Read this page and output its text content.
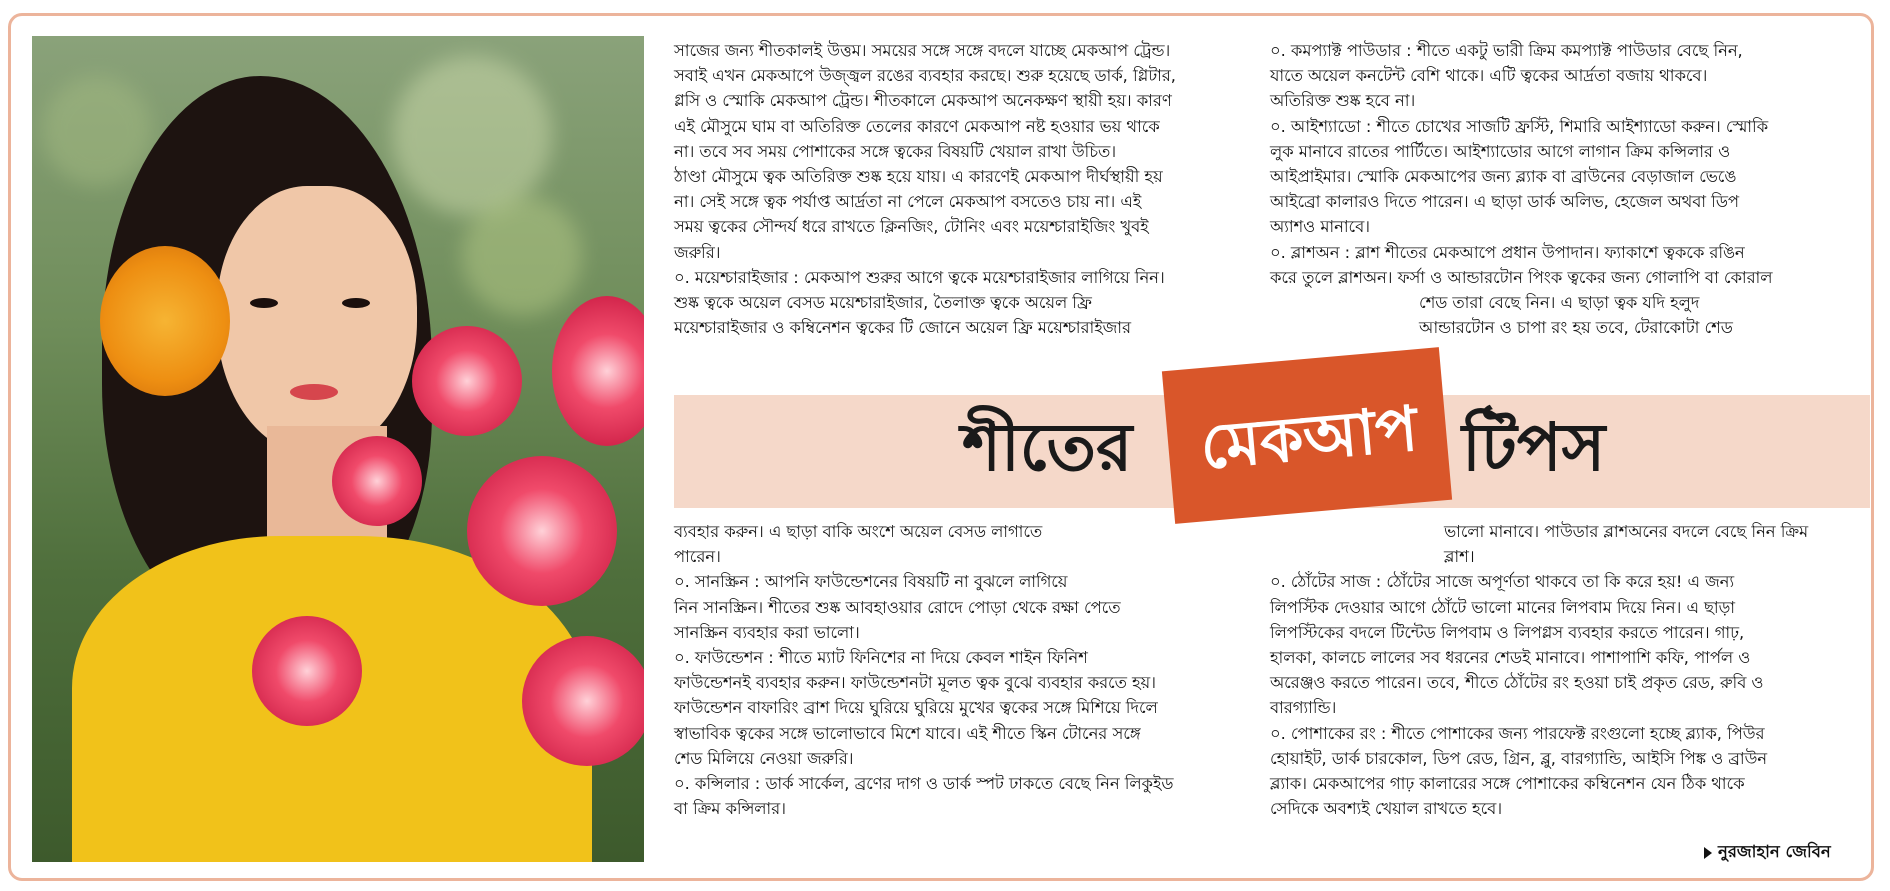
সাজের জন্য শীতকালই উত্তম। সময়ের সঙ্গে সঙ্গে বদলে যাচ্ছে মেকআপ ট্রেন্ড।

সবাই এখন মেকআপে উজ্জ্বল রঙের ব্যবহার করছে। শুরু হয়েছে ডার্ক, গ্লিটার,

গ্লসি ও স্মোকি মেকআপ ট্রেন্ড। শীতকালে মেকআপ অনেকক্ষণ স্থায়ী হয়। কারণ

এই মৌসুমে ঘাম বা অতিরিক্ত তেলের কারণে মেকআপ নষ্ট হওয়ার ভয় থাকে

না। তবে সব সময় পোশাকের সঙ্গে ত্বকের বিষয়টি খেয়াল রাখা উচিত।

ঠাণ্ডা মৌসুমে ত্বক অতিরিক্ত শুষ্ক হয়ে যায়। এ কারণেই মেকআপ দীর্ঘস্থায়ী হয়

না। সেই সঙ্গে ত্বক পর্যাপ্ত আর্দ্রতা না পেলে মেকআপ বসতেও চায় না। এই

সময় ত্বকের সৌন্দর্য ধরে রাখতে ক্লিনজিং, টোনিং এবং ময়েশ্চারাইজিং খুবই

জরুরি।

০. ময়েশ্চারাইজার : মেকআপ শুরুর আগে ত্বকে ময়েশ্চারাইজার লাগিয়ে নিন।

শুষ্ক ত্বকে অয়েল বেসড ময়েশ্চারাইজার, তৈলাক্ত ত্বকে অয়েল ফ্রি

ময়েশ্চারাইজার ও কম্বিনেশন ত্বকের টি জোনে অয়েল ফ্রি ময়েশ্চারাইজার

০. কমপ্যাক্ট পাউডার : শীতে একটু ভারী ক্রিম কমপ্যাক্ট পাউডার বেছে নিন,

যাতে অয়েল কনটেন্ট বেশি থাকে। এটি ত্বকের আর্দ্রতা বজায় থাকবে।

অতিরিক্ত শুষ্ক হবে না।

০. আইশ্যাডো : শীতে চোখের সাজটি ফ্রস্টি, শিমারি আইশ্যাডো করুন। স্মোকি

লুক মানাবে রাতের পার্টিতে। আইশ্যাডোর আগে লাগান ক্রিম কন্সিলার ও

আইপ্রাইমার। স্মোকি মেকআপের জন্য ব্ল্যাক বা ব্রাউনের বেড়াজাল ভেঙে

আইব্রো কালারও দিতে পারেন। এ ছাড়া ডার্ক অলিভ, হেজেল অথবা ডিপ

অ্যাশও মানাবে।

০. ব্লাশঅন : ব্লাশ শীতের মেকআপে প্রধান উপাদান। ফ্যাকাশে ত্বককে রঙিন

করে তুলে ব্লাশঅন। ফর্সা ও আন্ডারটোন পিংক ত্বকের জন্য গোলাপি বা কোরাল

শেড তারা বেছে নিন। এ ছাড়া ত্বক যদি হলুদ

আন্ডারটোন ও চাপা রং হয় তবে, টেরাকোটা শেড

শীতের	মেকআপ টিপস

ব্যবহার করুন। এ ছাড়া বাকি অংশে অয়েল বেসড লাগাতে

পারেন।

০. সানস্ক্রিন : আপনি ফাউন্ডেশনের বিষয়টি না বুঝলে লাগিয়ে

নিন সানস্ক্রিন। শীতের শুষ্ক আবহাওয়ার রোদে পোড়া থেকে রক্ষা পেতে

সানস্ক্রিন ব্যবহার করা ভালো।

০. ফাউন্ডেশন : শীতে ম্যাট ফিনিশের না দিয়ে কেবল শাইন ফিনিশ

ফাউন্ডেশনই ব্যবহার করুন। ফাউন্ডেশনটা মূলত ত্বক বুঝে ব্যবহার করতে হয়।

ফাউন্ডেশন বাফারিং ব্রাশ দিয়ে ঘুরিয়ে ঘুরিয়ে মুখের ত্বকের সঙ্গে মিশিয়ে দিলে

স্বাভাবিক ত্বকের সঙ্গে ভালোভাবে মিশে যাবে। এই শীতে স্কিন টোনের সঙ্গে

শেড মিলিয়ে নেওয়া জরুরি।

০. কন্সিলার : ডার্ক সার্কেল, ব্রণের দাগ ও ডার্ক স্পট ঢাকতে বেছে নিন লিকুইড

বা ক্রিম কন্সিলার।

ভালো মানাবে। পাউডার ব্লাশঅনের বদলে বেছে নিন ক্রিম

ব্লাশ।

০. ঠোঁটের সাজ : ঠোঁটের সাজে অপূর্ণতা থাকবে তা কি করে হয়! এ জন্য

লিপস্টিক দেওয়ার আগে ঠোঁটে ভালো মানের লিপবাম দিয়ে নিন। এ ছাড়া

লিপস্টিকের বদলে টিন্টেড লিপবাম ও লিপগ্লস ব্যবহার করতে পারেন। গাঢ়,

হালকা, কালচে লালের সব ধরনের শেডই মানাবে। পাশাপাশি কফি, পার্পল ও

অরেঞ্জও করতে পারেন। তবে, শীতে ঠোঁটের রং হওয়া চাই প্রকৃত রেড, রুবি ও

বারগ্যান্ডি।

০. পোশাকের রং : শীতে পোশাকের জন্য পারফেক্ট রংগুলো হচ্ছে ব্ল্যাক, পিউর

হোয়াইট, ডার্ক চারকোল, ডিপ রেড, গ্রিন, ব্লু, বারগ্যান্ডি, আইসি পিঙ্ক ও ব্রাউন

ব্ল্যাক। মেকআপের গাঢ় কালারের সঙ্গে পোশাকের কম্বিনেশন যেন ঠিক থাকে

সেদিকে অবশ্যই খেয়াল রাখতে হবে।

নুরজাহান জেবিন
